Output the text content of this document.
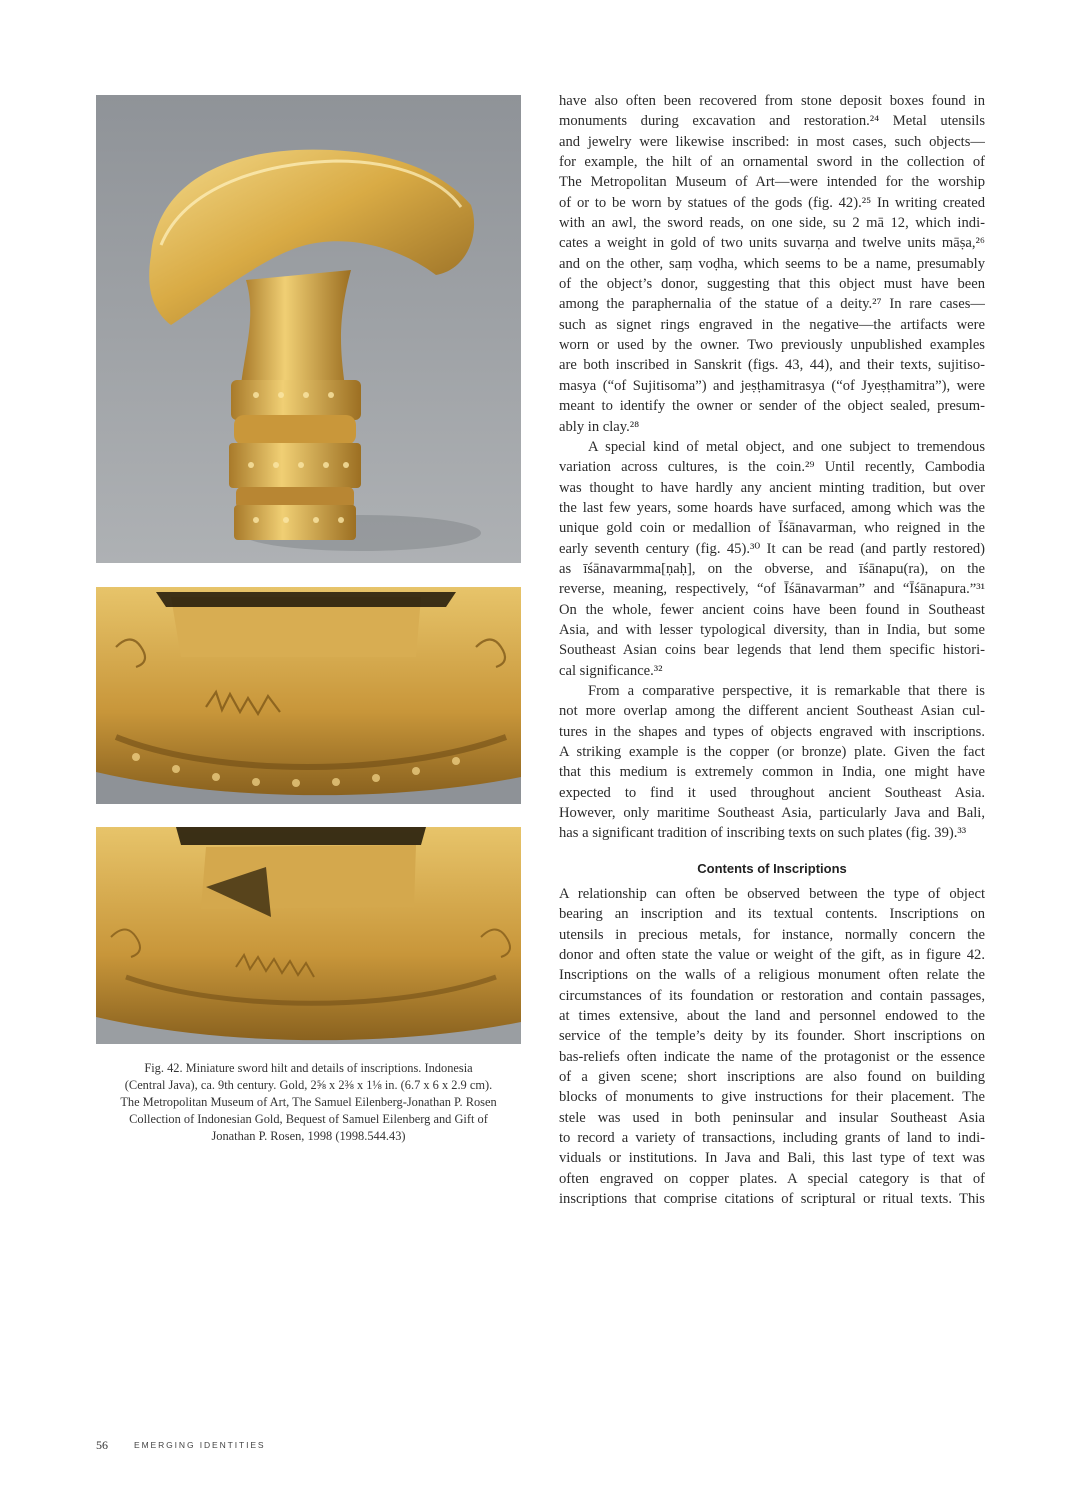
Fig. 42. Miniature sword hilt and details of inscriptions. Indonesia
(Central Java), ca. 9th century. Gold, 2⅝ x 2⅜ x 1⅛ in. (6.7 x 6 x 2.9 cm).
The Metropolitan Museum of Art, The Samuel Eilenberg-Jonathan P. Rosen
Collection of Indonesian Gold, Bequest of Samuel Eilenberg and Gift of
Jonathan P. Rosen, 1998 (1998.544.43)
have also often been recovered from stone deposit boxes found in
monuments during excavation and restoration.²⁴ Metal utensils
and jewelry were likewise inscribed: in most cases, such objects—
for example, the hilt of an ornamental sword in the collection of
The Metropolitan Museum of Art—were intended for the worship
of or to be worn by statues of the gods (fig. 42).²⁵ In writing created
with an awl, the sword reads, on one side, su 2 mā 12, which indi-
cates a weight in gold of two units suvarṇa and twelve units māṣa,²⁶
and on the other, saṃ voḍha, which seems to be a name, presumably
of the object’s donor, suggesting that this object must have been
among the paraphernalia of the statue of a deity.²⁷ In rare cases—
such as signet rings engraved in the negative—the artifacts were
worn or used by the owner. Two previously unpublished examples
are both inscribed in Sanskrit (figs. 43, 44), and their texts, sujitiso-
masya (“of Sujitisoma”) and jeṣṭhamitrasya (“of Jyeṣṭhamitra”), were
meant to identify the owner or sender of the object sealed, presum-
ably in clay.²⁸
A special kind of metal object, and one subject to tremendous
variation across cultures, is the coin.²⁹ Until recently, Cambodia
was thought to have hardly any ancient minting tradition, but over
the last few years, some hoards have surfaced, among which was the
unique gold coin or medallion of Īśānavarman, who reigned in the
early seventh century (fig. 45).³⁰ It can be read (and partly restored)
as īśānavarmma[ṇaḥ], on the obverse, and īśānapu(ra), on the
reverse, meaning, respectively, “of Īśānavarman” and “Īśānapura.”³¹
On the whole, fewer ancient coins have been found in Southeast
Asia, and with lesser typological diversity, than in India, but some
Southeast Asian coins bear legends that lend them specific histori-
cal significance.³²
From a comparative perspective, it is remarkable that there is
not more overlap among the different ancient Southeast Asian cul-
tures in the shapes and types of objects engraved with inscriptions.
A striking example is the copper (or bronze) plate. Given the fact
that this medium is extremely common in India, one might have
expected to find it used throughout ancient Southeast Asia.
However, only maritime Southeast Asia, particularly Java and Bali,
has a significant tradition of inscribing texts on such plates (fig. 39).³³
Contents of Inscriptions
A relationship can often be observed between the type of object
bearing an inscription and its textual contents. Inscriptions on
utensils in precious metals, for instance, normally concern the
donor and often state the value or weight of the gift, as in figure 42.
Inscriptions on the walls of a religious monument often relate the
circumstances of its foundation or restoration and contain passages,
at times extensive, about the land and personnel endowed to the
service of the temple’s deity by its founder. Short inscriptions on
bas-reliefs often indicate the name of the protagonist or the essence
of a given scene; short inscriptions are also found on building
blocks of monuments to give instructions for their placement. The
stele was used in both peninsular and insular Southeast Asia
to record a variety of transactions, including grants of land to indi-
viduals or institutions. In Java and Bali, this last type of text was
often engraved on copper plates. A special category is that of
inscriptions that comprise citations of scriptural or ritual texts. This
56	EMERGING IDENTITIES
